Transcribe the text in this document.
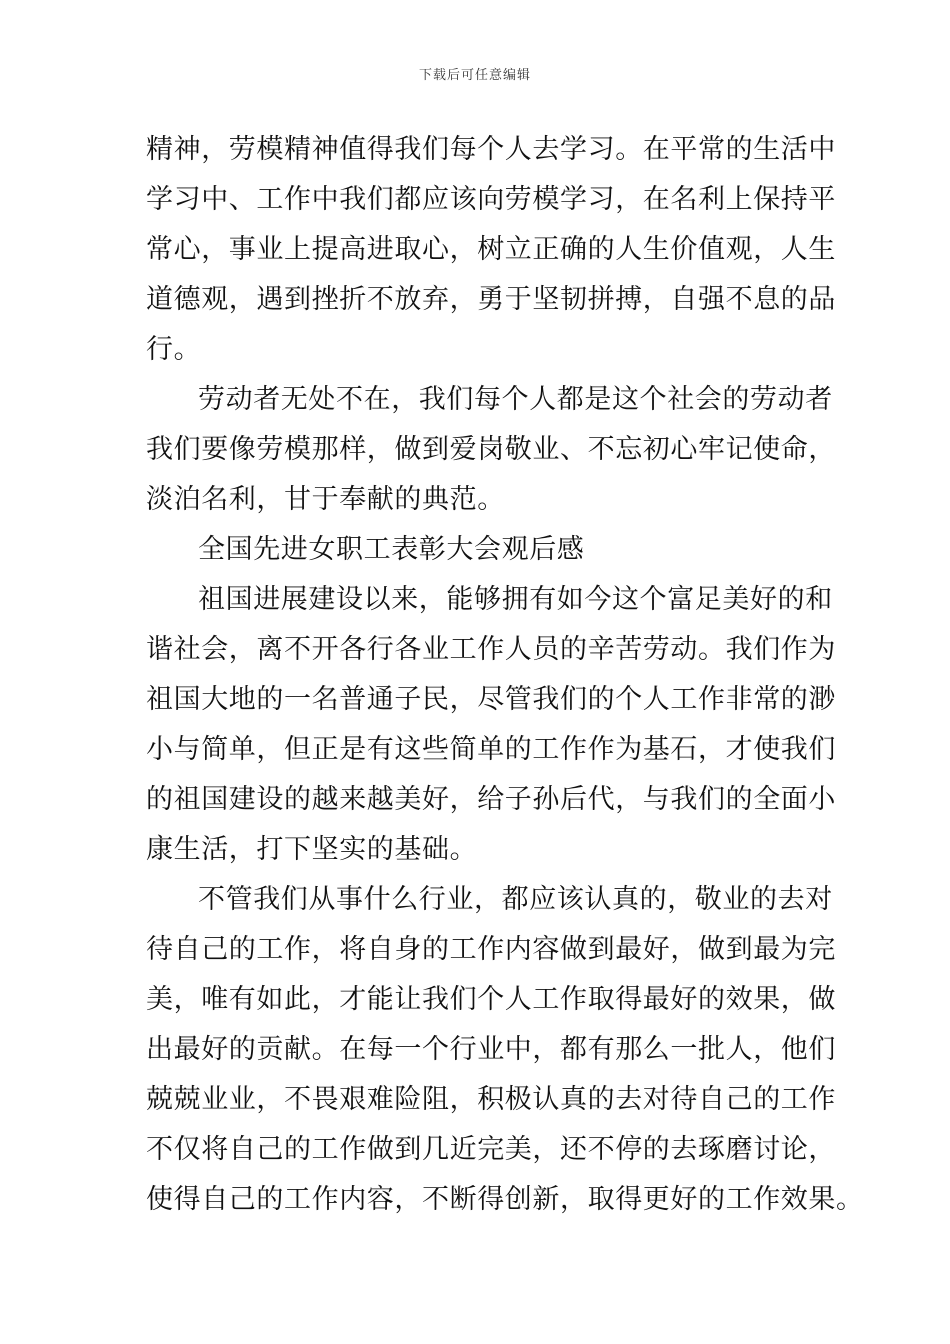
下载后可任意编辑
精神，劳模精神值得我们每个人去学习。在平常的生活中
学习中、工作中我们都应该向劳模学习，在名利上保持平
常心，事业上提高进取心，树立正确的人生价值观，人生
道德观，遇到挫折不放弃，勇于坚韧拼搏，自强不息的品
行。
劳动者无处不在，我们每个人都是这个社会的劳动者
我们要像劳模那样，做到爱岗敬业、不忘初心牢记使命，
淡泊名利，甘于奉献的典范。
全国先进女职工表彰大会观后感
祖国进展建设以来，能够拥有如今这个富足美好的和
谐社会，离不开各行各业工作人员的辛苦劳动。我们作为
祖国大地的一名普通子民，尽管我们的个人工作非常的渺
小与简单，但正是有这些简单的工作作为基石，才使我们
的祖国建设的越来越美好，给子孙后代，与我们的全面小
康生活，打下坚实的基础。
不管我们从事什么行业，都应该认真的，敬业的去对
待自己的工作，将自身的工作内容做到最好，做到最为完
美，唯有如此，才能让我们个人工作取得最好的效果，做
出最好的贡献。在每一个行业中，都有那么一批人，他们
兢兢业业，不畏艰难险阻，积极认真的去对待自己的工作
不仅将自己的工作做到几近完美，还不停的去琢磨讨论，
使得自己的工作内容，不断得创新，取得更好的工作效果。
